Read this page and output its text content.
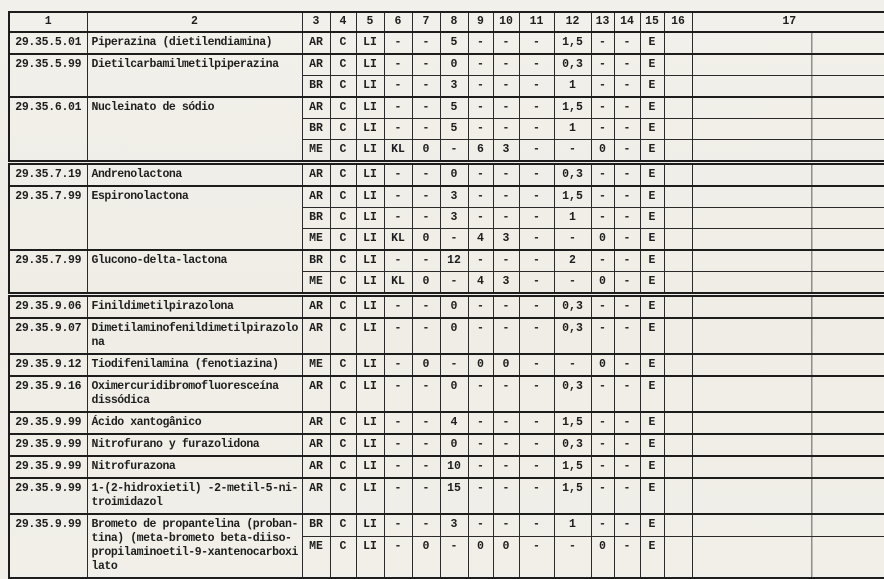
1	2	3	4	5	6	7	8	9	10	11	12	13	14	15	16	17
29.35.5.01	Piperazina (dietilendiamina)	AR	C	LI	-	-	5	-	-	-	1,5	-	-	E		
29.35.5.99	Dietilcarbamilmetilpiperazina	AR	C	LI	-	-	0	-	-	-	0,3	-	-	E		
		BR	C	LI	-	-	3	-	-	-	1	-	-	E		
29.35.6.01	Nucleinato de sódio	AR	C	LI	-	-	5	-	-	-	1,5	-	-	E		
		BR	C	LI	-	-	5	-	-	-	1	-	-	E		
		ME	C	LI	KL	0	-	6	3	-	-	0	-	E		
29.35.7.19	Andrenolactona	AR	C	LI	-	-	0	-	-	-	0,3	-	-	E		
29.35.7.99	Espironolactona	AR	C	LI	-	-	3	-	-	-	1,5	-	-	E		
		BR	C	LI	-	-	3	-	-	-	1	-	-	E		
		ME	C	LI	KL	0	-	4	3	-	-	0	-	E		
29.35.7.99	Glucono-delta-lactona	BR	C	LI	-	-	12	-	-	-	2	-	-	E		
		ME	C	LI	KL	0	-	4	3	-	-	0	-	E		
29.35.9.06	Finildimetilpirazolona	AR	C	LI	-	-	0	-	-	-	0,3	-	-	E		
29.35.9.07	Dimetilaminofenildimetilpirazolo
na	AR	C	LI	-	-	0	-	-	-	0,3	-	-	E		
29.35.9.12	Tiodifenilamina (fenotiazina)	ME	C	LI	-	0	-	0	0	-	-	0	-	E		
29.35.9.16	Oximercuridibromofluoresceína
dissódica	AR	C	LI	-	-	0	-	-	-	0,3	-	-	E		
29.35.9.99	Ácido xantogânico	AR	C	LI	-	-	4	-	-	-	1,5	-	-	E		
29.35.9.99	Nitrofurano y furazolidona	AR	C	LI	-	-	0	-	-	-	0,3	-	-	E		
29.35.9.99	Nitrofurazona	AR	C	LI	-	-	10	-	-	-	1,5	-	-	E		
29.35.9.99	1-(2-hidroxietil) -2-metil-5-ni-
troimidazol	AR	C	LI	-	-	15	-	-	-	1,5	-	-	E		
29.35.9.99	Brometo de propantelina (proban-
tina) (meta-brometo beta-diiso-
propilaminoetil-9-xantenocarboxi
lato	BR	C	LI	-	-	3	-	-	-	1	-	-	E		
		ME	C	LI	-	0	-	0	0	-	-	0	-	E		
